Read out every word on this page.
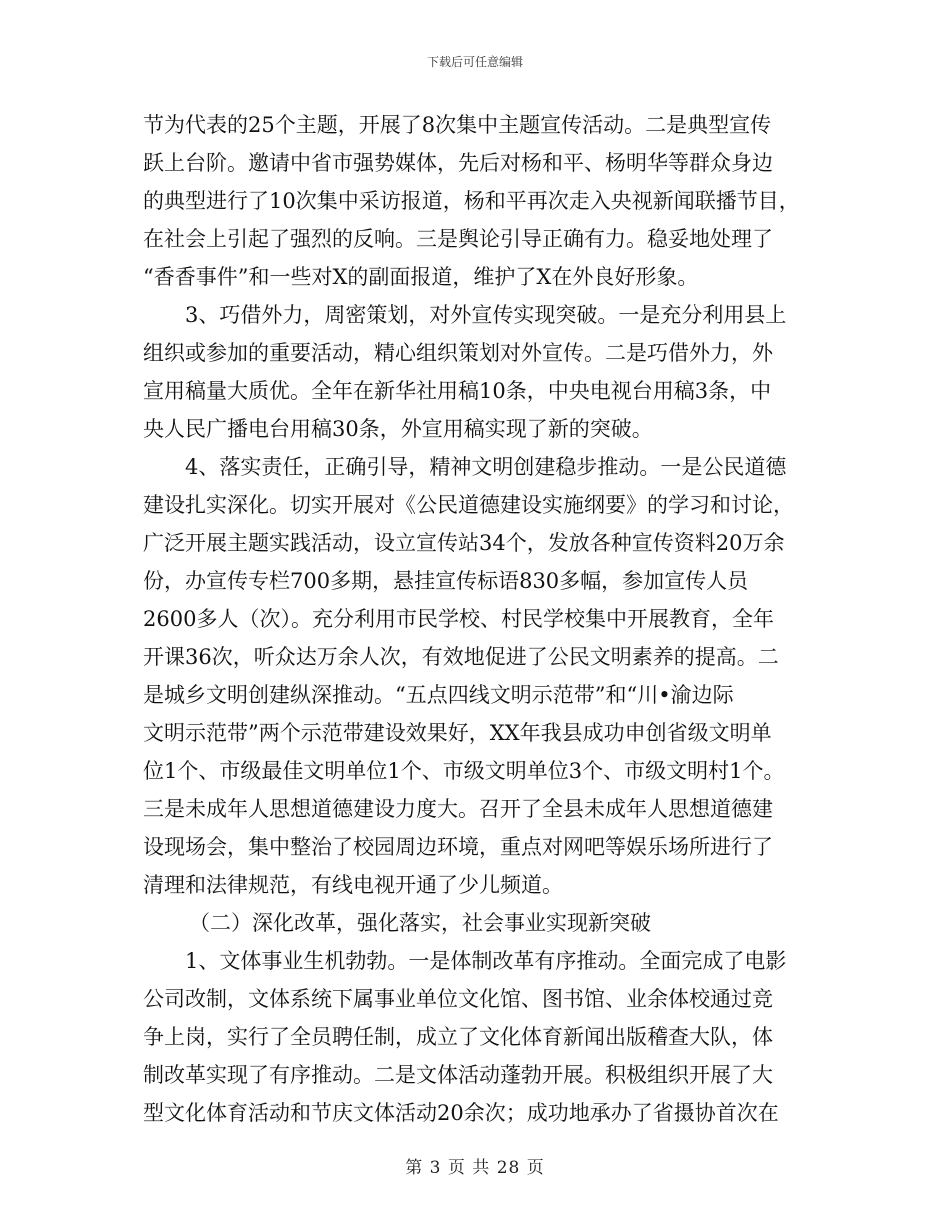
下载后可任意编辑
节为代表的25个主题，开展了8次集中主题宣传活动。二是典型宣传
跃上台阶。邀请中省市强势媒体，先后对杨和平、杨明华等群众身边
的典型进行了10次集中采访报道，杨和平再次走入央视新闻联播节目，
在社会上引起了强烈的反响。三是舆论引导正确有力。稳妥地处理了
“香香事件”和一些对X的副面报道，维护了X在外良好形象。
3、巧借外力，周密策划，对外宣传实现突破。一是充分利用县上
组织或参加的重要活动，精心组织策划对外宣传。二是巧借外力，外
宣用稿量大质优。全年在新华社用稿10条，中央电视台用稿3条，中
央人民广播电台用稿30条，外宣用稿实现了新的突破。
4、落实责任，正确引导，精神文明创建稳步推动。一是公民道德
建设扎实深化。切实开展对《公民道德建设实施纲要》的学习和讨论，
广泛开展主题实践活动，设立宣传站34个，发放各种宣传资料20万余
份，办宣传专栏700多期，悬挂宣传标语830多幅，参加宣传人员
2600多人（次）。充分利用市民学校、村民学校集中开展教育，全年
开课36次，听众达万余人次，有效地促进了公民文明素养的提高。二
是城乡文明创建纵深推动。“五点四线文明示范带”和“川•渝边际
文明示范带”两个示范带建设效果好，XX年我县成功申创省级文明单
位1个、市级最佳文明单位1个、市级文明单位3个、市级文明村1个。
三是未成年人思想道德建设力度大。召开了全县未成年人思想道德建
设现场会，集中整治了校园周边环境，重点对网吧等娱乐场所进行了
清理和法律规范，有线电视开通了少儿频道。
（二）深化改革，强化落实，社会事业实现新突破
1、文体事业生机勃勃。一是体制改革有序推动。全面完成了电影
公司改制，文体系统下属事业单位文化馆、图书馆、业余体校通过竞
争上岗，实行了全员聘任制，成立了文化体育新闻出版稽查大队，体
制改革实现了有序推动。二是文体活动蓬勃开展。积极组织开展了大
型文化体育活动和节庆文体活动20余次；成功地承办了省摄协首次在
第 3 页 共 28 页
